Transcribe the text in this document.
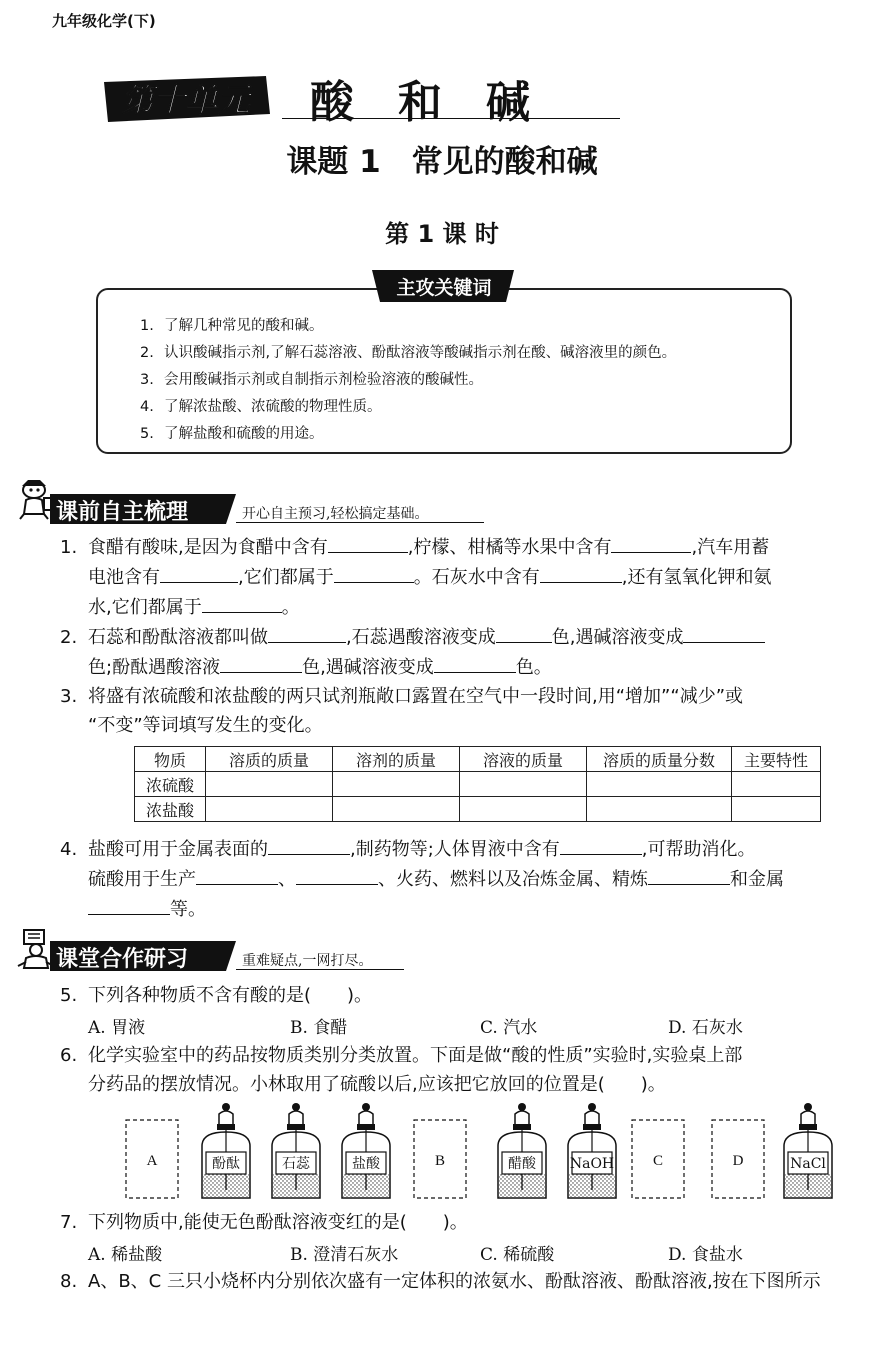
九年级化学(下)
第十单元 酸和碱
课题 1　常见的酸和碱
第 1 课 时
主攻关键词
1. 了解几种常见的酸和碱。
2. 认识酸碱指示剂,了解石蕊溶液、酚酞溶液等酸碱指示剂在酸、碱溶液里的颜色。
3. 会用酸碱指示剂或自制指示剂检验溶液的酸碱性。
4. 了解浓盐酸、浓硫酸的物理性质。
5. 了解盐酸和硫酸的用途。
课前自主梳理	开心自主预习,轻松搞定基础。
1. 食醋有酸味,是因为食醋中含有	,柠檬、柑橘等水果中含有	,汽车用蓄
电池含有	,它们都属于	。石灰水中含有	,还有氢氧化钾和氨
水,它们都属于	。
2. 石蕊和酚酞溶液都叫做	,石蕊遇酸溶液变成	色,遇碱溶液变成
色;酚酞遇酸溶液	色,遇碱溶液变成	色。
3. 将盛有浓硫酸和浓盐酸的两只试剂瓶敞口露置在空气中一段时间,用“增加”“减少”或
“不变”等词填写发生的变化。
物质	溶质的质量	溶剂的质量	溶液的质量	溶质的质量分数	主要特性
浓硫酸					
浓盐酸					
4. 盐酸可用于金属表面的	,制药物等;人体胃液中含有	,可帮助消化。
硫酸用于生产	、	、火药、燃料以及冶炼金属、精炼	和金属
等。
课堂合作研习	重难疑点,一网打尽。
5. 下列各种物质不含有酸的是(　　)。
A. 胃液	B. 食醋	C. 汽水	D. 石灰水
6. 化学实验室中的药品按物质类别分类放置。下面是做“酸的性质”实验时,实验桌上部
分药品的摆放情况。小林取用了硫酸以后,应该把它放回的位置是(　　)。
A	酚酞	石蕊	盐酸	B	醋酸 NaOH	C	D	NaCl
7. 下列物质中,能使无色酚酞溶液变红的是(　　)。
A. 稀盐酸	B. 澄清石灰水	C. 稀硫酸	D. 食盐水
8. A、B、C 三只小烧杯内分别依次盛有一定体积的浓氨水、酚酞溶液、酚酞溶液,按在下图所示
